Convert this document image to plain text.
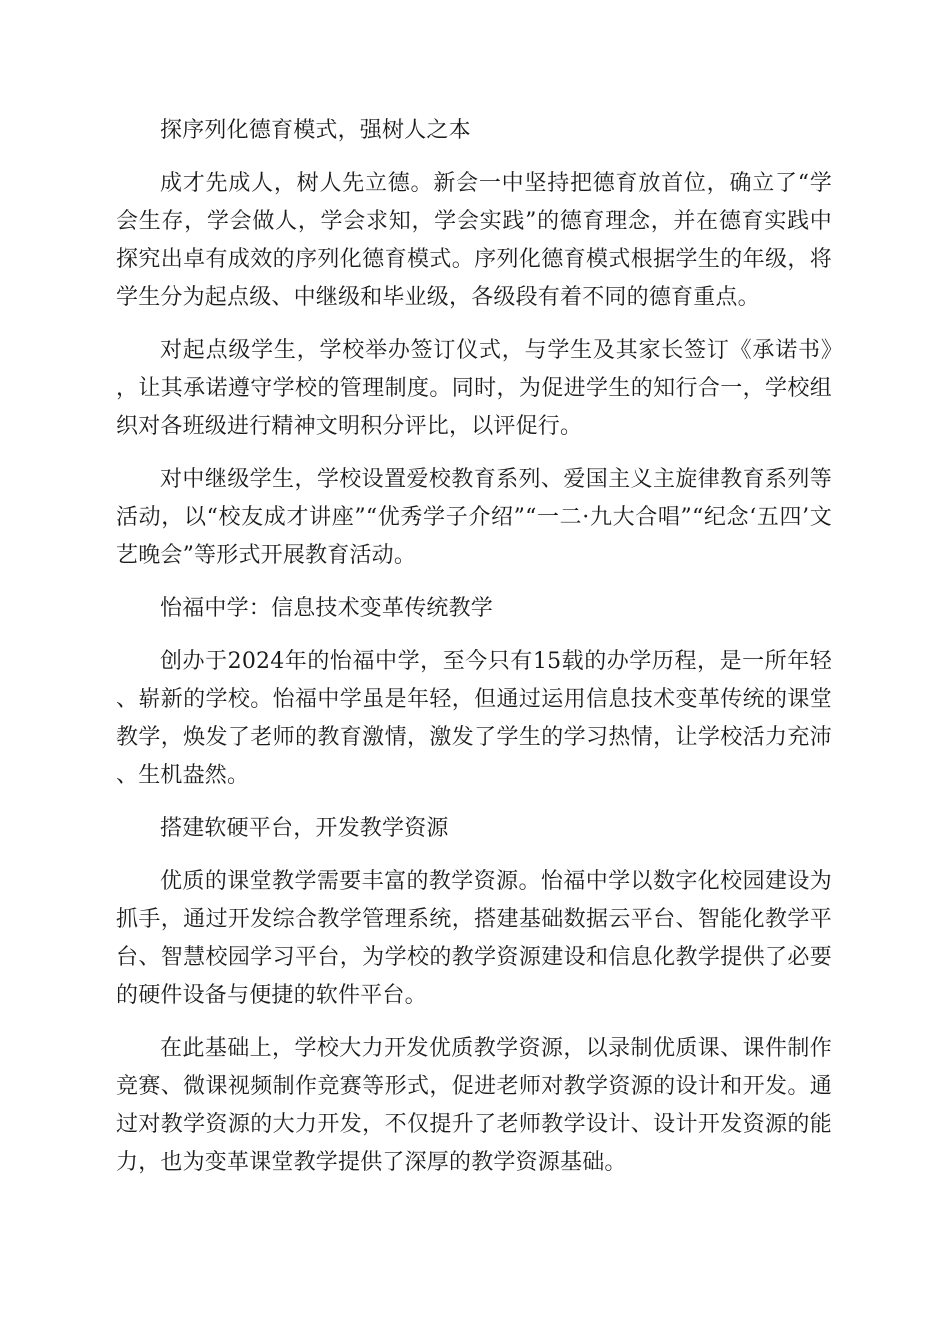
探序列化德育模式，强树人之本

成才先成人，树人先立德。新会一中坚持把德育放首位，确立了“学会生存，学会做人，学会求知，学会实践”的德育理念，并在德育实践中探究出卓有成效的序列化德育模式。序列化德育模式根据学生的年级，将学生分为起点级、中继级和毕业级，各级段有着不同的德育重点。

对起点级学生，学校举办签订仪式，与学生及其家长签订《承诺书》，让其承诺遵守学校的管理制度。同时，为促进学生的知行合一，学校组织对各班级进行精神文明积分评比，以评促行。

对中继级学生，学校设置爱校教育系列、爱国主义主旋律教育系列等活动，以“校友成才讲座”“优秀学子介绍”“一二·九大合唱”“纪念‘五四’文艺晚会”等形式开展教育活动。

怡福中学：信息技术变革传统教学

创办于2024年的怡福中学，至今只有15载的办学历程，是一所年轻、崭新的学校。怡福中学虽是年轻，但通过运用信息技术变革传统的课堂教学，焕发了老师的教育激情，激发了学生的学习热情，让学校活力充沛、生机盎然。

搭建软硬平台，开发教学资源

优质的课堂教学需要丰富的教学资源。怡福中学以数字化校园建设为抓手，通过开发综合教学管理系统，搭建基础数据云平台、智能化教学平台、智慧校园学习平台，为学校的教学资源建设和信息化教学提供了必要的硬件设备与便捷的软件平台。

在此基础上，学校大力开发优质教学资源，以录制优质课、课件制作竞赛、微课视频制作竞赛等形式，促进老师对教学资源的设计和开发。通过对教学资源的大力开发，不仅提升了老师教学设计、设计开发资源的能力，也为变革课堂教学提供了深厚的教学资源基础。
